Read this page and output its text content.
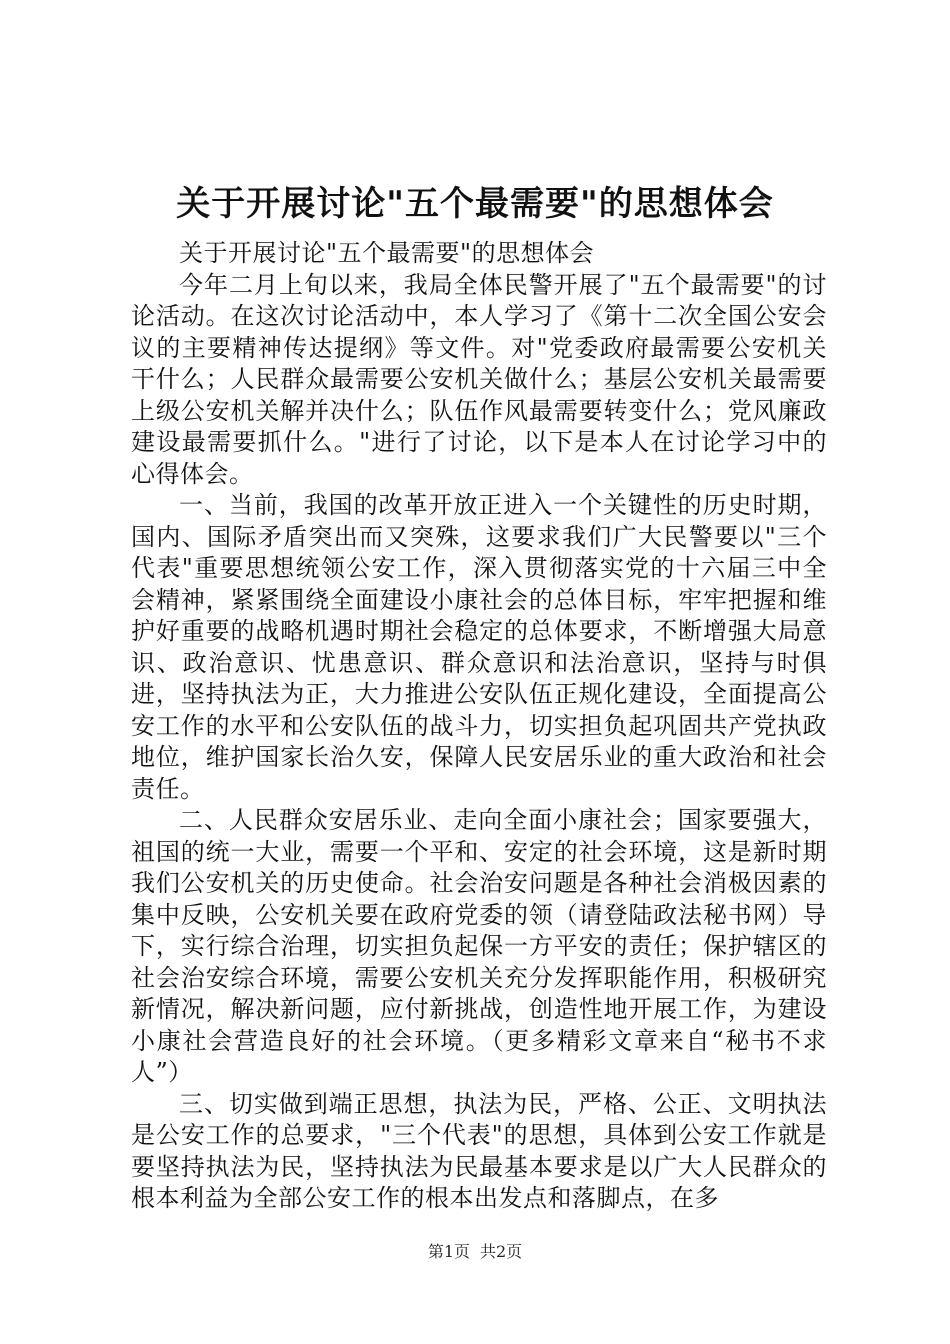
关于开展讨论"五个最需要"的思想体会

关于开展讨论"五个最需要"的思想体会

今年二月上旬以来，我局全体民警开展了"五个最需要"的讨论活动。在这次讨论活动中，本人学习了《第十二次全国公安会议的主要精神传达提纲》等文件。对"党委政府最需要公安机关干什么；人民群众最需要公安机关做什么；基层公安机关最需要上级公安机关解并决什么；队伍作风最需要转变什么；党风廉政建设最需要抓什么。"进行了讨论，以下是本人在讨论学习中的心得体会。

一、当前，我国的改革开放正进入一个关键性的历史时期，国内、国际矛盾突出而又突殊，这要求我们广大民警要以"三个代表"重要思想统领公安工作，深入贯彻落实党的十六届三中全会精神，紧紧围绕全面建设小康社会的总体目标，牢牢把握和维护好重要的战略机遇时期社会稳定的总体要求，不断增强大局意识、政治意识、忧患意识、群众意识和法治意识，坚持与时俱进，坚持执法为正，大力推进公安队伍正规化建设，全面提高公安工作的水平和公安队伍的战斗力，切实担负起巩固共产党执政地位，维护国家长治久安，保障人民安居乐业的重大政治和社会责任。

二、人民群众安居乐业、走向全面小康社会；国家要强大，祖国的统一大业，需要一个平和、安定的社会环境，这是新时期我们公安机关的历史使命。社会治安问题是各种社会消极因素的集中反映，公安机关要在政府党委的领（请登陆政法秘书网）导下，实行综合治理，切实担负起保一方平安的责任；保护辖区的社会治安综合环境，需要公安机关充分发挥职能作用，积极研究新情况，解决新问题，应付新挑战，创造性地开展工作，为建设小康社会营造良好的社会环境。（更多精彩文章来自“秘书不求人”）

三、切实做到端正思想，执法为民，严格、公正、文明执法是公安工作的总要求，"三个代表"的思想，具体到公安工作就是要坚持执法为民，坚持执法为民最基本要求是以广大人民群众的根本利益为全部公安工作的根本出发点和落脚点，在多

第1页 共2页
